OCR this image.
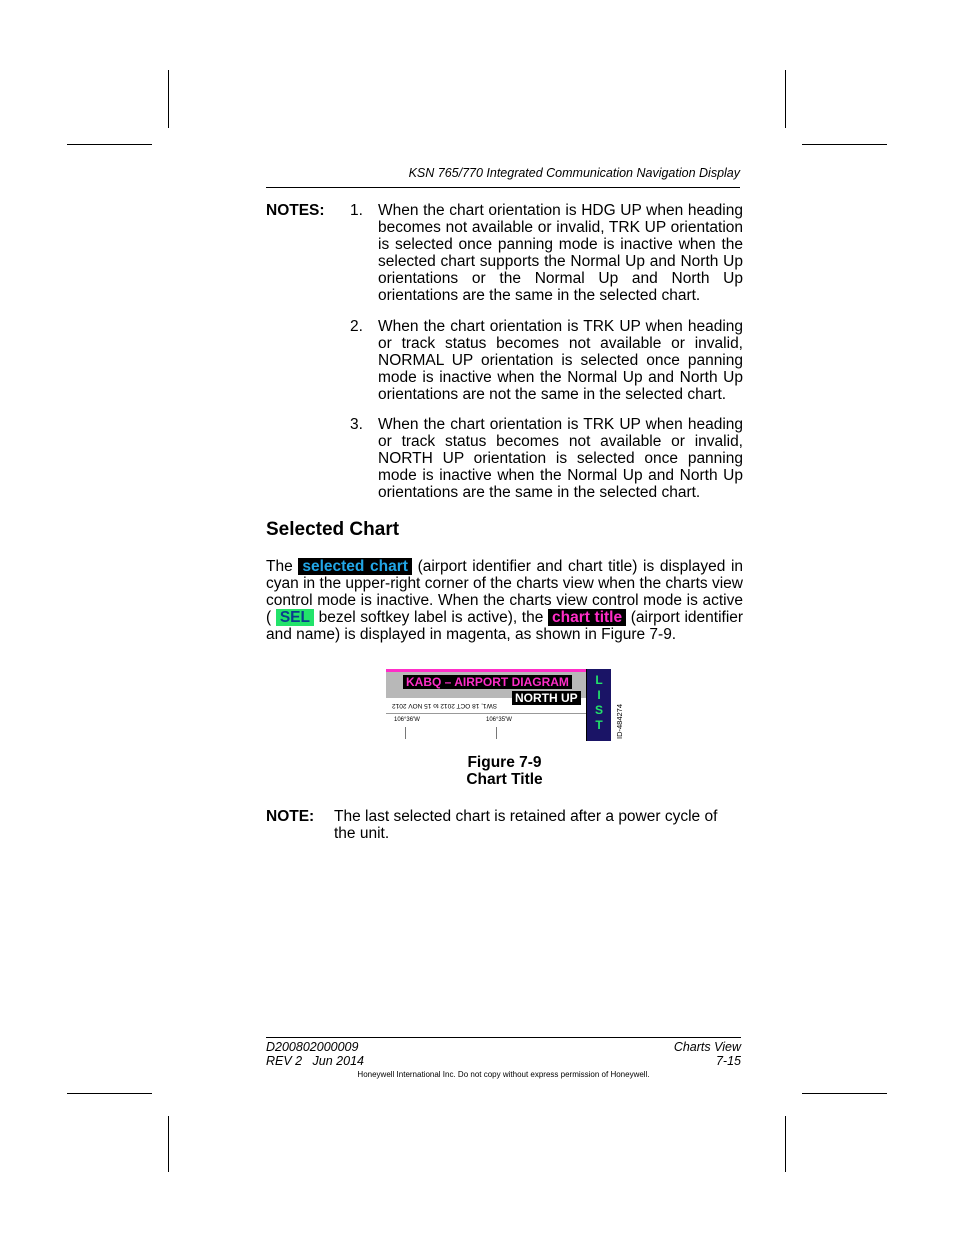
KSN 765/770 Integrated Communication Navigation Display
NOTES: 1. When the chart orientation is HDG UP when heading becomes not available or invalid, TRK UP orientation is selected once panning mode is inactive when the selected chart supports the Normal Up and North Up orientations or the Normal Up and North Up orientations are the same in the selected chart.
2. When the chart orientation is TRK UP when heading or track status becomes not available or invalid, NORMAL UP orientation is selected once panning mode is inactive when the Normal Up and North Up orientations are not the same in the selected chart.
3. When the chart orientation is TRK UP when heading or track status becomes not available or invalid, NORTH UP orientation is selected once panning mode is inactive when the Normal Up and North Up orientations are the same in the selected chart.
Selected Chart
The selected chart (airport identifier and chart title) is displayed in cyan in the upper-right corner of the charts view when the charts view control mode is inactive. When the charts view control mode is active ( SEL bezel softkey label is active), the chart title (airport identifier and name) is displayed in magenta, as shown in Figure 7-9.
KABQ – AIRPORT DIAGRAM
NORTH UP
SW1, 18 OCT 2012 to 15 NOV 2012
106°36'W	106°35'W
L
I
S
T	ID-484274
Figure 7-9
Chart Title
NOTE: The last selected chart is retained after a power cycle of the unit.
D200802000009
REV 2   Jun 2014
Charts View
7-15
Honeywell International Inc. Do not copy without express permission of Honeywell.
